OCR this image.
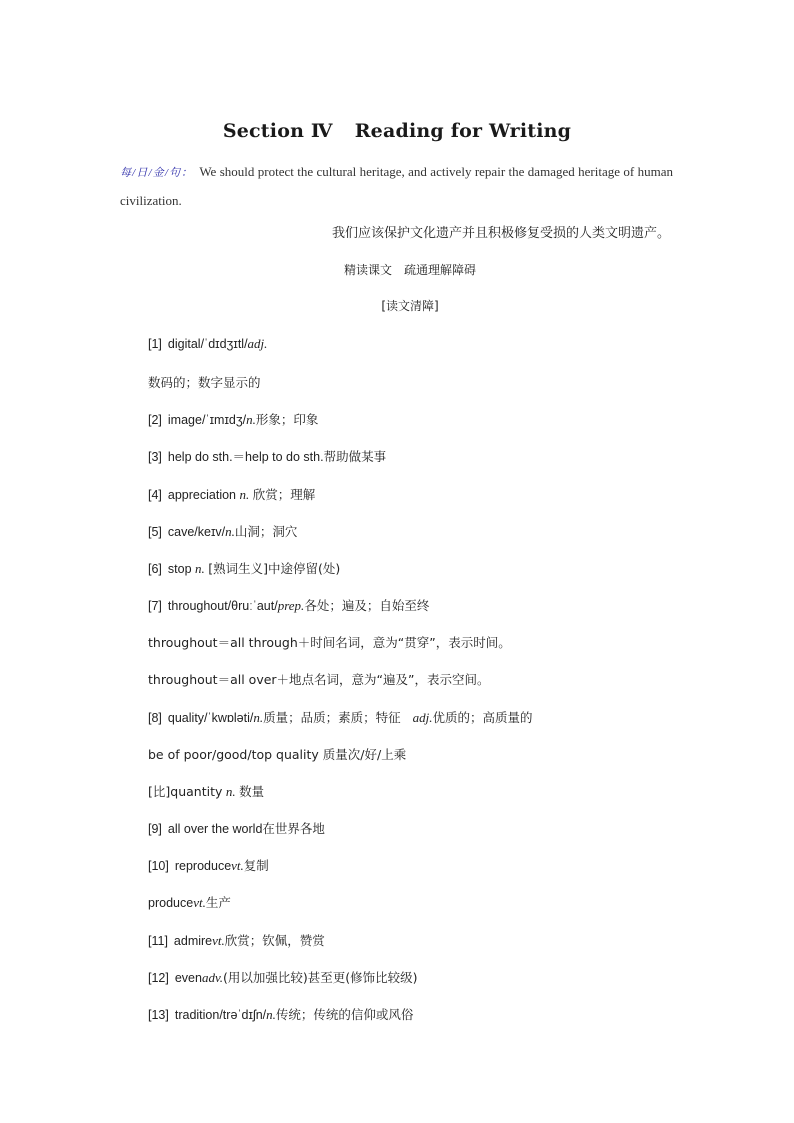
Section Ⅳ Reading for Writing
每/日/金/句： We should protect the cultural heritage, and actively repair the damaged heritage of human civilization.
我们应该保护文化遗产并且积极修复受损的人类文明遗产。
精读课文 疏通理解障碍
[读文清障]
[1] digital/ˈdɪdʒɪtl/adj.
数码的；数字显示的
[2] image/ˈɪmɪdʒ/n.形象；印象
[3] help do sth.＝help to do sth.帮助做某事
[4] appreciation n. 欣赏；理解
[5] cave/keɪv/n.山洞；洞穴
[6] stop n. [熟词生义]中途停留(处)
[7] throughout/θruːˈaut/prep.各处；遍及；自始至终
throughout＝all through＋时间名词，意为“贯穿”，表示时间。
throughout＝all over＋地点名词，意为“遍及”，表示空间。
[8] quality/ˈkwɒləti/n.质量；品质；素质；特征 adj.优质的；高质量的
be of poor/good/top quality 质量次/好/上乘
[比]quantity n. 数量
[9] all over the world在世界各地
[10] reproducevt.复制
producevt.生产
[11] admirevt.欣赏；钦佩，赞赏
[12] evenadv.(用以加强比较)甚至更(修饰比较级)
[13] tradition/trəˈdɪʃn/n.传统；传统的信仰或风俗
